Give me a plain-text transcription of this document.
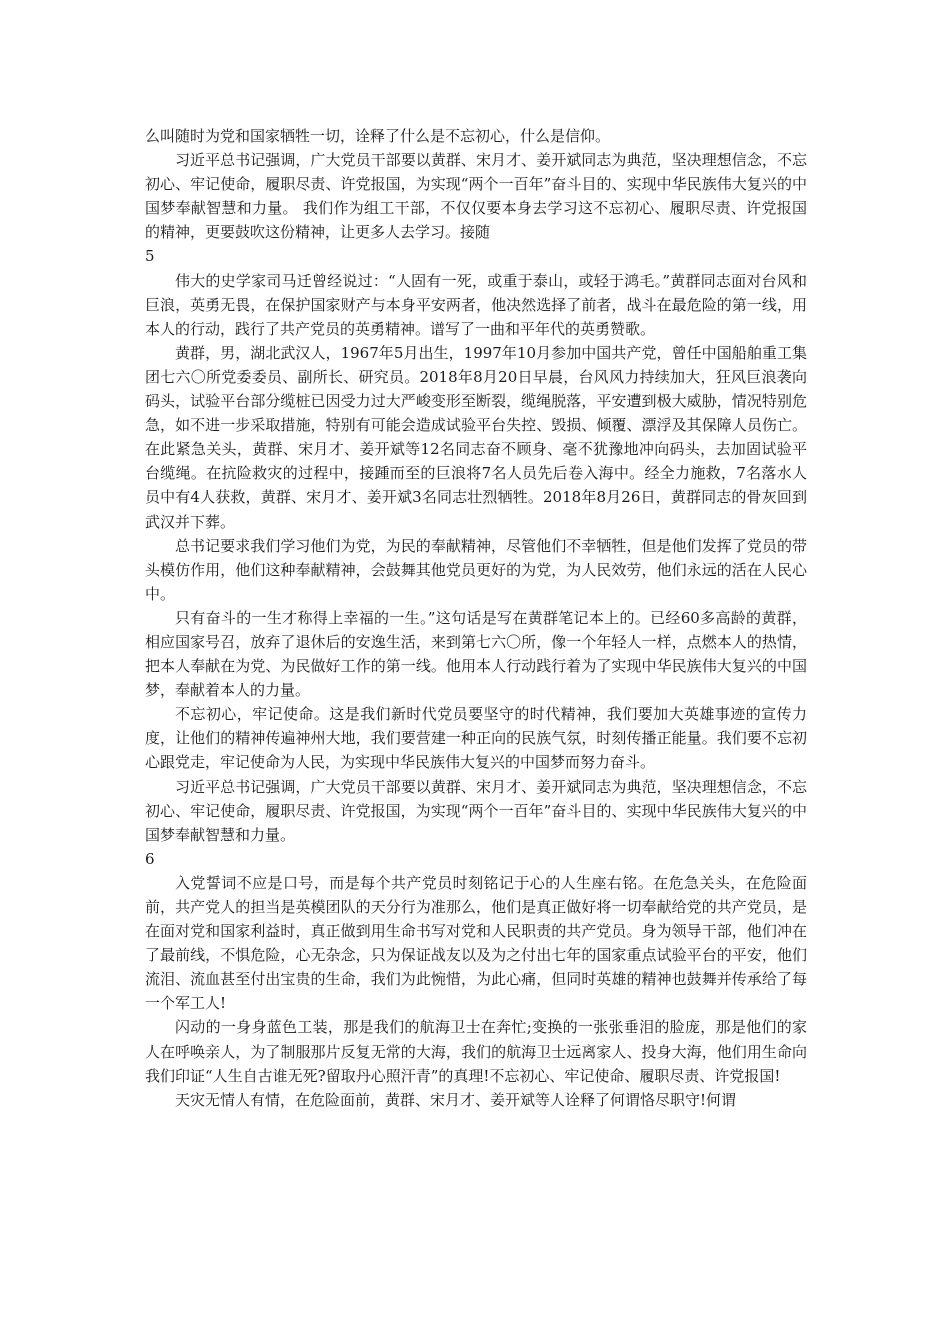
么叫随时为党和国家牺牲一切，诠释了什么是不忘初心，什么是信仰。

习近平总书记强调，广大党员干部要以黄群、宋月才、姜开斌同志为典范，坚决理想信念，不忘初心、牢记使命，履职尽责、许党报国，为实现“两个一百年”奋斗目的、实现中华民族伟大复兴的中国梦奉献智慧和力量。 我们作为组工干部，不仅仅要本身去学习这不忘初心、履职尽责、许党报国的精神，更要鼓吹这份精神，让更多人去学习。接随

5

伟大的史学家司马迁曾经说过：“人固有一死，或重于泰山，或轻于鸿毛。”黄群同志面对台风和巨浪，英勇无畏，在保护国家财产与本身平安两者，他决然选择了前者，战斗在最危险的第一线，用本人的行动，践行了共产党员的英勇精神。谱写了一曲和平年代的英勇赞歌。

黄群，男，湖北武汉人，1967年5月出生，1997年10月参加中国共产党，曾任中国船舶重工集团七六〇所党委委员、副所长、研究员。2018年8月20日早晨，台风风力持续加大，狂风巨浪袭向码头，试验平台部分缆桩已因受力过大严峻变形至断裂，缆绳脱落，平安遭到极大威胁，情况特别危急，如不进一步采取措施，特别有可能会造成试验平台失控、毁损、倾覆、漂浮及其保障人员伤亡。在此紧急关头，黄群、宋月才、姜开斌等12名同志奋不顾身、毫不犹豫地冲向码头，去加固试验平台缆绳。在抗险救灾的过程中，接踵而至的巨浪将7名人员先后卷入海中。经全力施救，7名落水人员中有4人获救，黄群、宋月才、姜开斌3名同志壮烈牺牲。2018年8月26日，黄群同志的骨灰回到武汉并下葬。

总书记要求我们学习他们为党，为民的奉献精神，尽管他们不幸牺牲，但是他们发挥了党员的带头模仿作用，他们这种奉献精神，会鼓舞其他党员更好的为党，为人民效劳，他们永远的活在人民心中。

只有奋斗的一生才称得上幸福的一生。”这句话是写在黄群笔记本上的。已经60多高龄的黄群，相应国家号召，放弃了退休后的安逸生活，来到第七六〇所，像一个年轻人一样，点燃本人的热情，把本人奉献在为党、为民做好工作的第一线。他用本人行动践行着为了实现中华民族伟大复兴的中国梦，奉献着本人的力量。

不忘初心，牢记使命。这是我们新时代党员要坚守的时代精神，我们要加大英雄事迹的宣传力度，让他们的精神传遍神州大地，我们要营建一种正向的民族气氛，时刻传播正能量。我们要不忘初心跟党走，牢记使命为人民，为实现中华民族伟大复兴的中国梦而努力奋斗。

习近平总书记强调，广大党员干部要以黄群、宋月才、姜开斌同志为典范，坚决理想信念，不忘初心、牢记使命，履职尽责、许党报国，为实现“两个一百年”奋斗目的、实现中华民族伟大复兴的中国梦奉献智慧和力量。

6

入党誓词不应是口号，而是每个共产党员时刻铭记于心的人生座右铭。在危急关头，在危险面前，共产党人的担当是英模团队的天分行为准那么，他们是真正做好将一切奉献给党的共产党员，是在面对党和国家利益时，真正做到用生命书写对党和人民职责的共产党员。身为领导干部，他们冲在了最前线，不惧危险，心无杂念，只为保证战友以及为之付出七年的国家重点试验平台的平安，他们流泪、流血甚至付出宝贵的生命，我们为此惋惜，为此心痛，但同时英雄的精神也鼓舞并传承给了每一个军工人!

闪动的一身身蓝色工装，那是我们的航海卫士在奔忙;变换的一张张垂泪的脸庞，那是他们的家人在呼唤亲人，为了制服那片反复无常的大海，我们的航海卫士远离家人、投身大海，他们用生命向我们印证“人生自古谁无死?留取丹心照汗青”的真理!不忘初心、牢记使命、履职尽责、许党报国!

天灾无情人有情，在危险面前，黄群、宋月才、姜开斌等人诠释了何谓恪尽职守!何谓
